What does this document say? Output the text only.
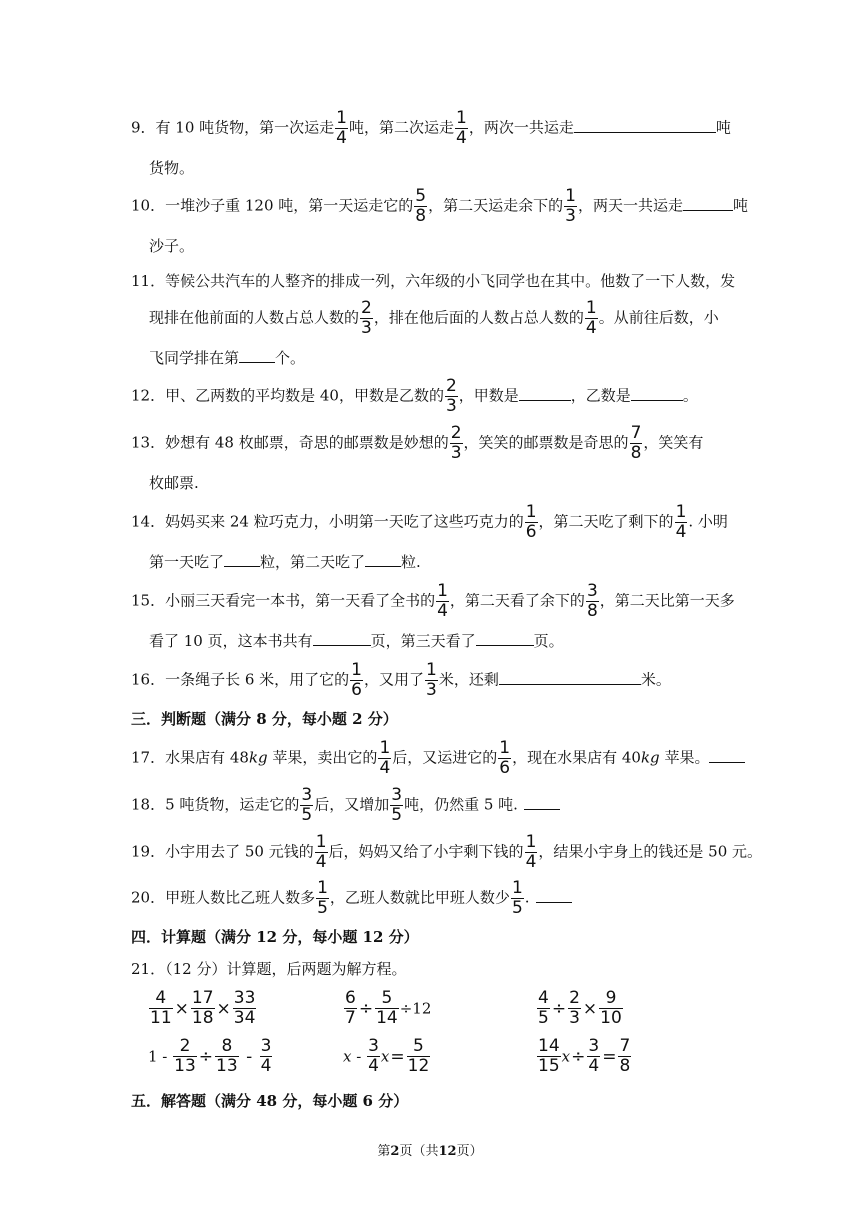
9．有 10 吨货物，第一次运走 $\frac{1}{4}$ 吨，第二次运走 $\frac{1}{4}$ ，两次一共运走	吨
货物。
10．一堆沙子重 120 吨，第一天运走它的 $\frac{5}{8}$ ，第二天运走余下的 $\frac{1}{3}$ ，两天一共运走	吨
沙子。
11．等候公共汽车的人整齐的排成一列，六年级的小飞同学也在其中。他数了一下人数，发
现排在他前面的人数占总人数的 $\frac{2}{3}$ ，排在他后面的人数占总人数的 $\frac{1}{4}$ 。从前往后数，小
飞同学排在第 个。
12．甲、乙两数的平均数是 40，甲数是乙数的 $\frac{2}{3}$ ，甲数是	，乙数是	。
13．妙想有 48 枚邮票，奇思的邮票数是妙想的 $\frac{2}{3}$ ，笑笑的邮票数是奇思的 $\frac{7}{8}$ ，笑笑有
枚邮票.
14．妈妈买来 24 粒巧克力，小明第一天吃了这些巧克力的 $\frac{1}{6}$ ，第二天吃了剩下的 $\frac{1}{4}$ . 小明
第一天吃了 粒，第二天吃了 粒.
15．小丽三天看完一本书，第一天看了全书的 $\frac{1}{4}$ ，第二天看了余下的 $\frac{3}{8}$ ，第二天比第一天多
看了 10 页，这本书共有	页，第三天看了	页。
16．一条绳子长 6 米，用了它的 $\frac{1}{6}$ ，又用了 $\frac{1}{3}$ 米，还剩	米。
三．判断题（满分 8 分，每小题 2 分）
17．水果店有 48kg 苹果，卖出它的 $\frac{1}{4}$ 后，又运进它的 $\frac{1}{6}$ ，现在水果店有 40kg 苹果。
18．5 吨货物，运走它的 $\frac{3}{5}$ 后，又增加 $\frac{3}{5}$ 吨，仍然重 5 吨.
19．小宇用去了 50 元钱的 $\frac{1}{4}$ 后，妈妈又给了小宇剩下钱的 $\frac{1}{4}$ ，结果小宇身上的钱还是 50 元。
20．甲班人数比乙班人数多 $\frac{1}{5}$ ，乙班人数就比甲班人数少 $\frac{1}{5}$ .
四．计算题（满分 12 分，每小题 12 分）
21．（12 分）计算题，后两题为解方程。
$\frac{4}{11} \times \frac{17}{18} \times \frac{33}{34}$	$\frac{6}{7} \div \frac{5}{14} \div 12$	$\frac{4}{5} \div \frac{2}{3} \times \frac{9}{10}$
$1 - \frac{2}{13} \div \frac{8}{13} - \frac{3}{4}$	$x - \frac{3}{4} x= \frac{5}{12}$	$\frac{14}{15} x\div \frac{3}{4} = \frac{7}{8}$
五．解答题（满分 48 分，每小题 6 分）
第2页（共12页）
